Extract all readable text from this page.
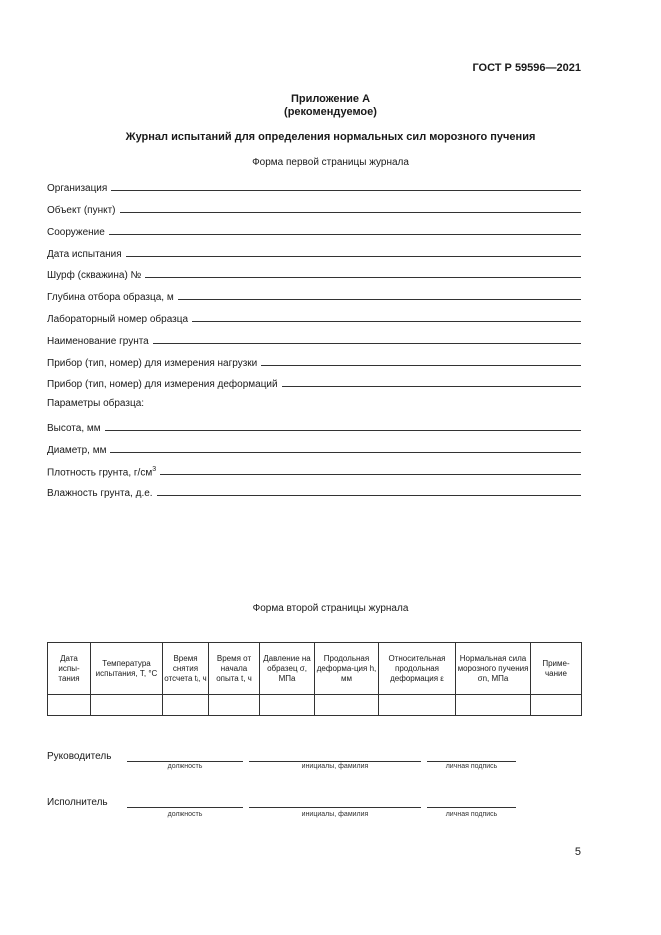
ГОСТ Р 59596—2021
Приложение А
(рекомендуемое)
Журнал испытаний для определения нормальных сил морозного пучения
Форма первой страницы журнала
Организация
Объект (пункт)
Сооружение
Дата испытания
Шурф (скважина) №
Глубина отбора образца, м
Лабораторный номер образца
Наименование грунта
Прибор (тип, номер) для измерения нагрузки
Прибор (тип, номер) для измерения деформаций
Параметры образца:
Высота, мм
Диаметр, мм
Плотность грунта, $г/см^3$
Влажность грунта, д.е.
Форма второй страницы журнала
Дата испы-тания	Температура испытания, T, °C	Время снятия отсчета tᵢ, ч	Время от начала опыта t, ч	Давление на образец σ, МПа	Продольная деформа-ция h, мм	Относительная продольная деформация ε	Нормальная сила морозного пучения σn, МПа	Приме-чание

Руководитель
должность	инициалы, фамилия	личная подпись
Исполнитель
должность	инициалы, фамилия	личная подпись
5
